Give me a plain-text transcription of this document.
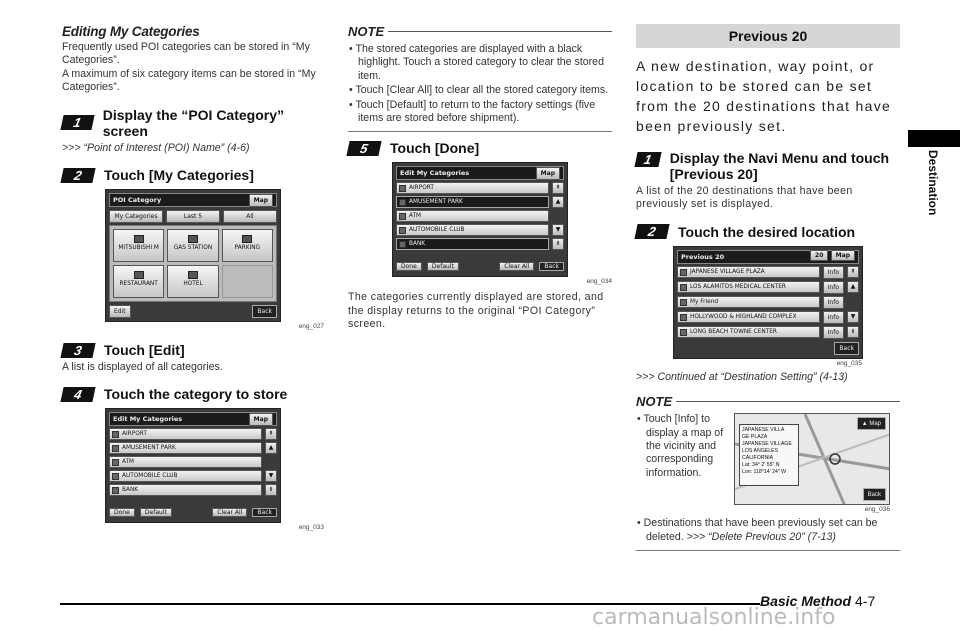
Destination
Editing My Categories
Frequently used POI categories can be stored in “My Categories”.
A maximum of six category items can be stored in “My Categories”.
1	Display the “POI Category” screen
>>> “Point of Interest (POI) Name” (4-6)
2	Touch [My Categories]
POI Category	Map
My Categories	Last 5	All
MITSUBISHI M	GAS STATION	PARKING
RESTAURANT	HOTEL
Edit	Back
eng_027
3	Touch [Edit]
A list is displayed of all categories.
4	Touch the category to store
Edit My Categories	Map
AIRPORT	⇞
AMUSEMENT PARK	▲
ATM
AUTOMOBILE CLUB	▼
BANK	⇟
Done	Default	Clear All	Back
eng_033
NOTE
• The stored categories are displayed with a black highlight. Touch a stored category to clear the stored item.
• Touch [Clear All] to clear all the stored category items.
• Touch [Default] to return to the factory settings (five items are stored before shipment).
5	Touch [Done]
Edit My Categories	Map
AIRPORT	⇞
AMUSEMENT PARK	▲
ATM
AUTOMOBILE CLUB	▼
BANK	⇟
Done	Default	Clear All	Back
eng_034
The categories currently displayed are stored, and the display returns to the original “POI Category” screen.
Previous 20
A new destination, way point, or location to be stored can be set from the 20 destinations that have been previously set.
1	Display the Navi Menu and touch [Previous 20]
A list of the 20 destinations that have been previously set is displayed.
2	Touch the desired location
Previous 20	20 Map
JAPANESE VILLAGE PLAZA	Info	⇞
LOS ALAMITOS MEDICAL CENTER	Info	▲
My Friend	Info
HOLLYWOOD & HIGHLAND COMPLEX	Info	▼
LONG BEACH TOWNE CENTER	Info	⇟
Back
eng_035
>>> Continued at “Destination Setting” (4-13)
NOTE
• Touch [Info] to display a map of the vicinity and corresponding information.
JAPANESE VILLA
GE PLAZA
JAPANESE VILLAGE
LOS ANGELES
CALIFORNIA
Lat: 34° 2' 55" N
Lon: 118°14' 24" W
▲ Map
Back
eng_036
• Destinations that have been previously set can be deleted. >>> “Delete Previous 20” (7-13)
Basic Method 4-7
carmanualsonline.info
